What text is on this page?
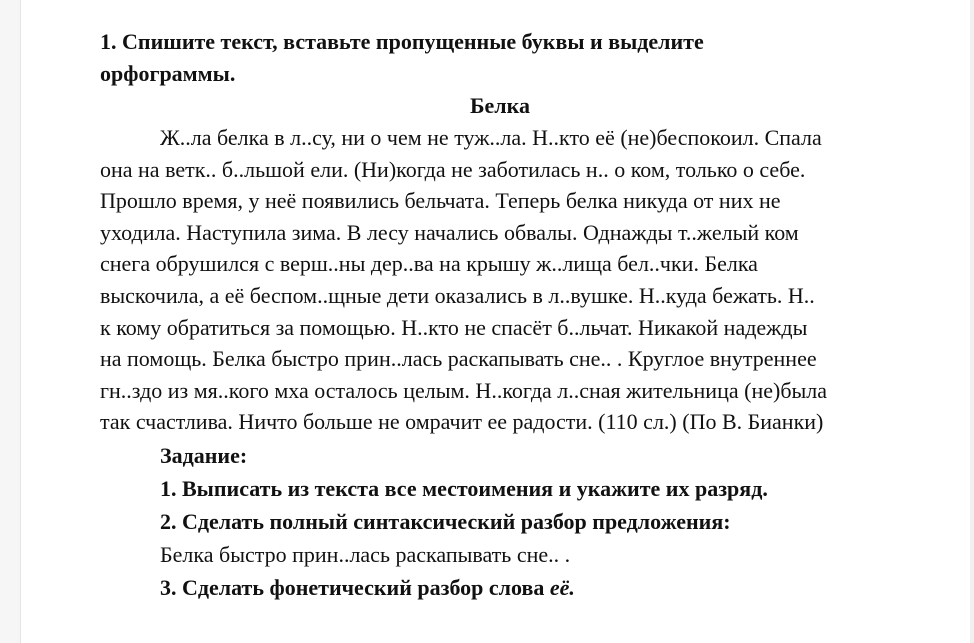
1. Спишите текст, вставьте пропущенные буквы и выделите
орфограммы.

Белка

Ж..ла белка в л..су, ни о чем не туж..ла. Н..кто её (не)беспокоил. Спала
она на ветк.. б..льшой ели. (Ни)когда не заботилась н.. о ком, только о себе.
Прошло время, у неё появились бельчата. Теперь белка никуда от них не
уходила. Наступила зима. В лесу начались обвалы. Однажды т..желый ком
снега обрушился с верш..ны дер..ва на крышу ж..лища бел..чки. Белка
выскочила, а её беспом..щные дети оказались в л..вушке. Н..куда бежать. Н..
к кому обратиться за помощью. Н..кто не спасёт б..льчат. Никакой надежды
на помощь. Белка быстро прин..лась раскапывать сне.. . Круглое внутреннее
гн..здо из мя..кого мха осталось целым. Н..когда л..сная жительница (не)была
так счастлива. Ничто больше не омрачит ее радости. (110 сл.) (По В. Бианки)

Задание:
1. Выписать из текста все местоимения и укажите их разряд.
2. Сделать полный синтаксический разбор предложения:
Белка быстро прин..лась раскапывать сне.. .
3. Сделать фонетический разбор слова её.
